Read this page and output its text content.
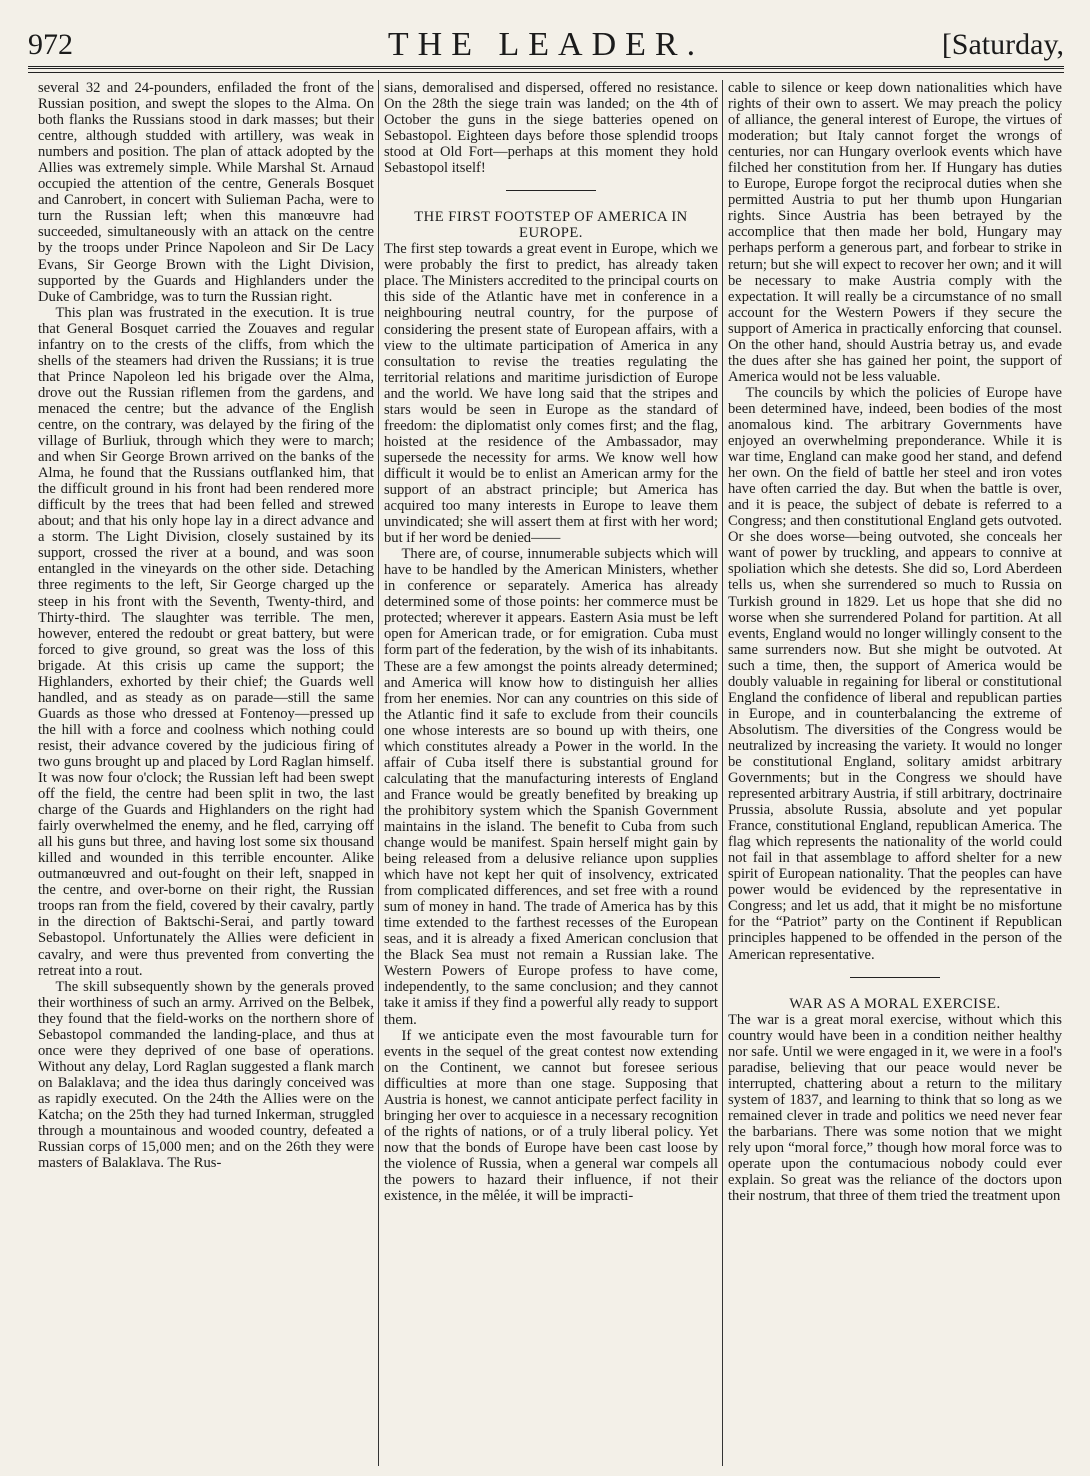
972	THE LEADER.	[Saturday,

several 32 and 24-pounders, enfiladed the front of the Russian position, and swept the slopes to the Alma. On both flanks the Russians stood in dark masses; but their centre, although studded with artillery, was weak in numbers and position. The plan of attack adopted by the Allies was extremely simple. While Marshal St. Arnaud occupied the attention of the centre, Generals Bosquet and Canrobert, in concert with Sulieman Pacha, were to turn the Russian left; when this manœuvre had succeeded, simultaneously with an attack on the centre by the troops under Prince Napoleon and Sir De Lacy Evans, Sir George Brown with the Light Division, supported by the Guards and Highlanders under the Duke of Cambridge, was to turn the Russian right.

This plan was frustrated in the execution. It is true that General Bosquet carried the Zouaves and regular infantry on to the crests of the cliffs, from which the shells of the steamers had driven the Russians; it is true that Prince Napoleon led his brigade over the Alma, drove out the Russian riflemen from the gardens, and menaced the centre; but the advance of the English centre, on the contrary, was delayed by the firing of the village of Burliuk, through which they were to march; and when Sir George Brown arrived on the banks of the Alma, he found that the Russians outflanked him, that the difficult ground in his front had been rendered more difficult by the trees that had been felled and strewed about; and that his only hope lay in a direct advance and a storm. The Light Division, closely sustained by its support, crossed the river at a bound, and was soon entangled in the vineyards on the other side. Detaching three regiments to the left, Sir George charged up the steep in his front with the Seventh, Twenty-third, and Thirty-third. The slaughter was terrible. The men, however, entered the redoubt or great battery, but were forced to give ground, so great was the loss of this brigade. At this crisis up came the support; the Highlanders, exhorted by their chief; the Guards well handled, and as steady as on parade—still the same Guards as those who dressed at Fontenoy—pressed up the hill with a force and coolness which nothing could resist, their advance covered by the judicious firing of two guns brought up and placed by Lord Raglan himself. It was now four o'clock; the Russian left had been swept off the field, the centre had been split in two, the last charge of the Guards and Highlanders on the right had fairly overwhelmed the enemy, and he fled, carrying off all his guns but three, and having lost some six thousand killed and wounded in this terrible encounter. Alike outmanœuvred and out-fought on their left, snapped in the centre, and over-borne on their right, the Russian troops ran from the field, covered by their cavalry, partly in the direction of Baktschi-Serai, and partly toward Sebastopol. Unfortunately the Allies were deficient in cavalry, and were thus prevented from converting the retreat into a rout.

The skill subsequently shown by the generals proved their worthiness of such an army. Arrived on the Belbek, they found that the field-works on the northern shore of Sebastopol commanded the landing-place, and thus at once were they deprived of one base of operations. Without any delay, Lord Raglan suggested a flank march on Balaklava; and the idea thus daringly conceived was as rapidly executed. On the 24th the Allies were on the Katcha; on the 25th they had turned Inkerman, struggled through a mountainous and wooded country, defeated a Russian corps of 15,000 men; and on the 26th they were masters of Balaklava. The Rus-

sians, demoralised and dispersed, offered no resistance. On the 28th the siege train was landed; on the 4th of October the guns in the siege batteries opened on Sebastopol. Eighteen days before those splendid troops stood at Old Fort—perhaps at this moment they hold Sebastopol itself!

THE FIRST FOOTSTEP OF AMERICA IN EUROPE.

The first step towards a great event in Europe, which we were probably the first to predict, has already taken place. The Ministers accredited to the principal courts on this side of the Atlantic have met in conference in a neighbouring neutral country, for the purpose of considering the present state of European affairs, with a view to the ultimate participation of America in any consultation to revise the treaties regulating the territorial relations and maritime jurisdiction of Europe and the world. We have long said that the stripes and stars would be seen in Europe as the standard of freedom: the diplomatist only comes first; and the flag, hoisted at the residence of the Ambassador, may supersede the necessity for arms. We know well how difficult it would be to enlist an American army for the support of an abstract principle; but America has acquired too many interests in Europe to leave them unvindicated; she will assert them at first with her word; but if her word be denied——

There are, of course, innumerable subjects which will have to be handled by the American Ministers, whether in conference or separately. America has already determined some of those points: her commerce must be protected; wherever it appears. Eastern Asia must be left open for American trade, or for emigration. Cuba must form part of the federation, by the wish of its inhabitants. These are a few amongst the points already determined; and America will know how to distinguish her allies from her enemies. Nor can any countries on this side of the Atlantic find it safe to exclude from their councils one whose interests are so bound up with theirs, one which constitutes already a Power in the world. In the affair of Cuba itself there is substantial ground for calculating that the manufacturing interests of England and France would be greatly benefited by breaking up the prohibitory system which the Spanish Government maintains in the island. The benefit to Cuba from such change would be manifest. Spain herself might gain by being released from a delusive reliance upon supplies which have not kept her quit of insolvency, extricated from complicated differences, and set free with a round sum of money in hand. The trade of America has by this time extended to the farthest recesses of the European seas, and it is already a fixed American conclusion that the Black Sea must not remain a Russian lake. The Western Powers of Europe profess to have come, independently, to the same conclusion; and they cannot take it amiss if they find a powerful ally ready to support them.

If we anticipate even the most favourable turn for events in the sequel of the great contest now extending on the Continent, we cannot but foresee serious difficulties at more than one stage. Supposing that Austria is honest, we cannot anticipate perfect facility in bringing her over to acquiesce in a necessary recognition of the rights of nations, or of a truly liberal policy. Yet now that the bonds of Europe have been cast loose by the violence of Russia, when a general war compels all the powers to hazard their influence, if not their existence, in the mêlée, it will be impracti-

cable to silence or keep down nationalities which have rights of their own to assert. We may preach the policy of alliance, the general interest of Europe, the virtues of moderation; but Italy cannot forget the wrongs of centuries, nor can Hungary overlook events which have filched her constitution from her. If Hungary has duties to Europe, Europe forgot the reciprocal duties when she permitted Austria to put her thumb upon Hungarian rights. Since Austria has been betrayed by the accomplice that then made her bold, Hungary may perhaps perform a generous part, and forbear to strike in return; but she will expect to recover her own; and it will be necessary to make Austria comply with the expectation. It will really be a circumstance of no small account for the Western Powers if they secure the support of America in practically enforcing that counsel. On the other hand, should Austria betray us, and evade the dues after she has gained her point, the support of America would not be less valuable.

The councils by which the policies of Europe have been determined have, indeed, been bodies of the most anomalous kind. The arbitrary Governments have enjoyed an overwhelming preponderance. While it is war time, England can make good her stand, and defend her own. On the field of battle her steel and iron votes have often carried the day. But when the battle is over, and it is peace, the subject of debate is referred to a Congress; and then constitutional England gets outvoted. Or she does worse—being outvoted, she conceals her want of power by truckling, and appears to connive at spoliation which she detests. She did so, Lord Aberdeen tells us, when she surrendered so much to Russia on Turkish ground in 1829. Let us hope that she did no worse when she surrendered Poland for partition. At all events, England would no longer willingly consent to the same surrenders now. But she might be outvoted. At such a time, then, the support of America would be doubly valuable in regaining for liberal or constitutional England the confidence of liberal and republican parties in Europe, and in counterbalancing the extreme of Absolutism. The diversities of the Congress would be neutralized by increasing the variety. It would no longer be constitutional England, solitary amidst arbitrary Governments; but in the Congress we should have represented arbitrary Austria, if still arbitrary, doctrinaire Prussia, absolute Russia, absolute and yet popular France, constitutional England, republican America. The flag which represents the nationality of the world could not fail in that assemblage to afford shelter for a new spirit of European nationality. That the peoples can have power would be evidenced by the representative in Congress; and let us add, that it might be no misfortune for the “Patriot” party on the Continent if Republican principles happened to be offended in the person of the American representative.

WAR AS A MORAL EXERCISE.

The war is a great moral exercise, without which this country would have been in a condition neither healthy nor safe. Until we were engaged in it, we were in a fool's paradise, believing that our peace would never be interrupted, chattering about a return to the military system of 1837, and learning to think that so long as we remained clever in trade and politics we need never fear the barbarians. There was some notion that we might rely upon “moral force,” though how moral force was to operate upon the contumacious nobody could ever explain. So great was the reliance of the doctors upon their nostrum, that three of them tried the treatment upon
